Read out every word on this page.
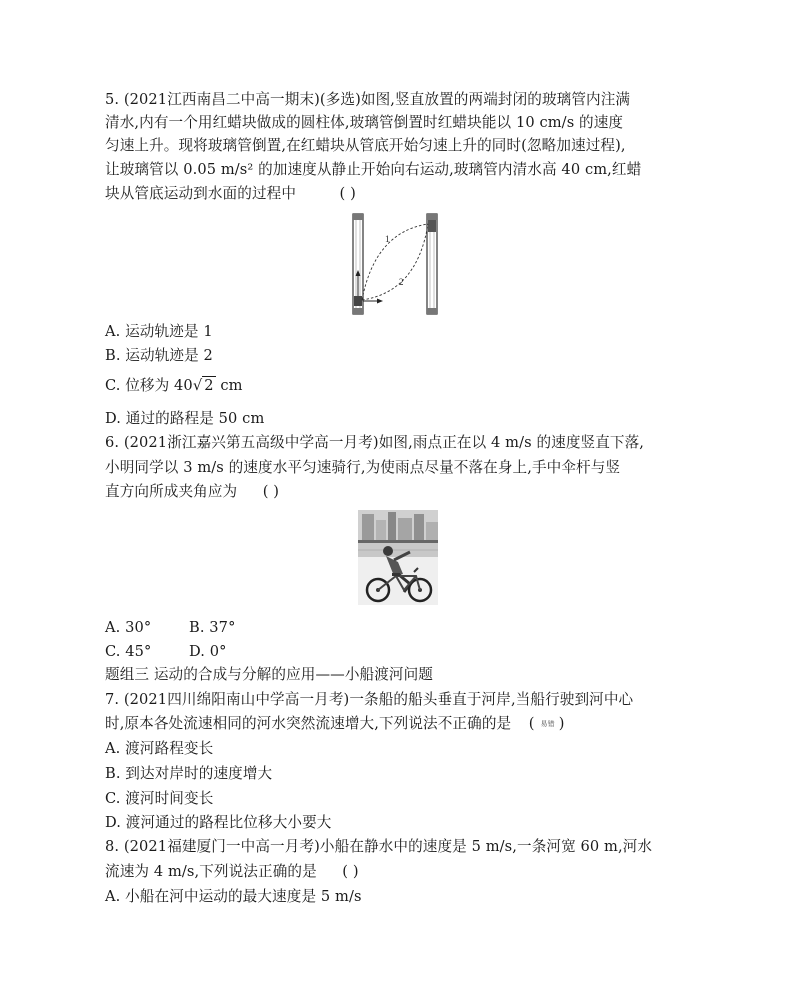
5. (2021江西南昌二中高一期末)(多选)如图,竖直放置的两端封闭的玻璃管内注满
清水,内有一个用红蜡块做成的圆柱体,玻璃管倒置时红蜡块能以 10 cm/s 的速度
匀速上升。现将玻璃管倒置,在红蜡块从管底开始匀速上升的同时(忽略加速过程),
让玻璃管以 0.05 m/s² 的加速度从静止开始向右运动,玻璃管内清水高 40 cm,红蜡
块从管底运动到水面的过程中	( )
1
2
A. 运动轨迹是 1
B. 运动轨迹是 2
C. 位移为 40√ 2 cm
D. 通过的路程是 50 cm
6. (2021浙江嘉兴第五高级中学高一月考)如图,雨点正在以 4 m/s 的速度竖直下落,
小明同学以 3 m/s 的速度水平匀速骑行,为使雨点尽量不落在身上,手中伞杆与竖
直方向所成夹角应为 ( )
A. 30°	B. 37°
C. 45°	D. 0°
题组三 运动的合成与分解的应用——小船渡河问题
7. (2021四川绵阳南山中学高一月考)一条船的船头垂直于河岸,当船行驶到河中心
时,原本各处流速相同的河水突然流速增大,下列说法不正确的是 ( 易错 )
A. 渡河路程变长
B. 到达对岸时的速度增大
C. 渡河时间变长
D. 渡河通过的路程比位移大小要大
8. (2021福建厦门一中高一月考)小船在静水中的速度是 5 m/s,一条河宽 60 m,河水
流速为 4 m/s,下列说法正确的是 ( )
A. 小船在河中运动的最大速度是 5 m/s
